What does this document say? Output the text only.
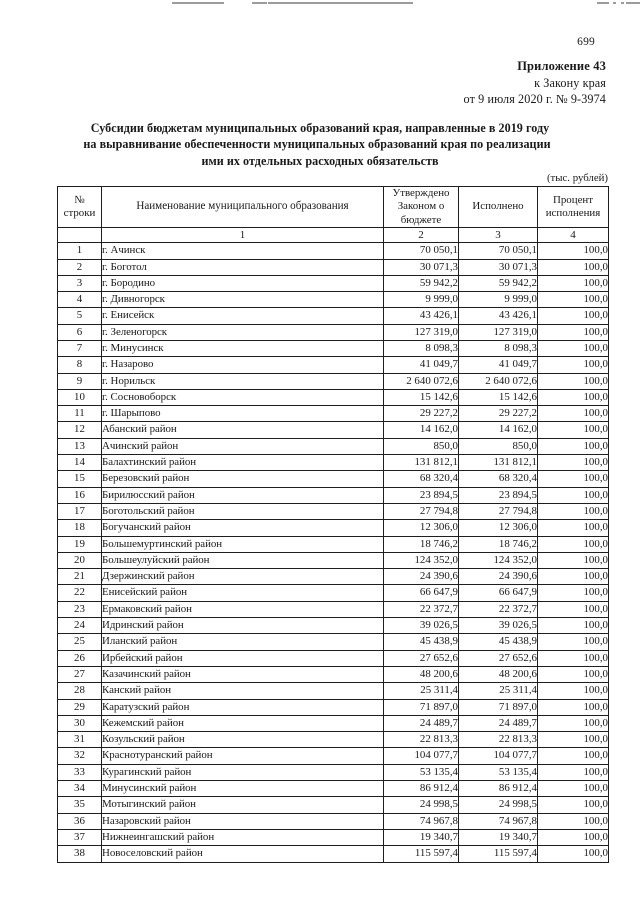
699
Приложение 43
к Закону края
от 9 июля 2020 г. № 9-3974
Субсидии бюджетам муниципальных образований края, направленные в 2019 году
на выравнивание обеспеченности муниципальных образований края по реализации
ими их отдельных расходных обязательств
(тыс. рублей)
№
строки	Наименование муниципального образования	Утверждено
Законом о
бюджете	Исполнено	Процент
исполнения
	1	2	3	4
1	г. Ачинск	70 050,1	70 050,1	100,0
2	г. Боготол	30 071,3	30 071,3	100,0
3	г. Бородино	59 942,2	59 942,2	100,0
4	г. Дивногорск	9 999,0	9 999,0	100,0
5	г. Енисейск	43 426,1	43 426,1	100,0
6	г. Зеленогорск	127 319,0	127 319,0	100,0
7	г. Минусинск	8 098,3	8 098,3	100,0
8	г. Назарово	41 049,7	41 049,7	100,0
9	г. Норильск	2 640 072,6	2 640 072,6	100,0
10	г. Сосновоборск	15 142,6	15 142,6	100,0
11	г. Шарыпово	29 227,2	29 227,2	100,0
12	Абанский район	14 162,0	14 162,0	100,0
13	Ачинский район	850,0	850,0	100,0
14	Балахтинский район	131 812,1	131 812,1	100,0
15	Березовский район	68 320,4	68 320,4	100,0
16	Бирилюсский район	23 894,5	23 894,5	100,0
17	Боготольский район	27 794,8	27 794,8	100,0
18	Богучанский район	12 306,0	12 306,0	100,0
19	Большемуртинский район	18 746,2	18 746,2	100,0
20	Большеулуйский район	124 352,0	124 352,0	100,0
21	Дзержинский район	24 390,6	24 390,6	100,0
22	Енисейский район	66 647,9	66 647,9	100,0
23	Ермаковский район	22 372,7	22 372,7	100,0
24	Идринский район	39 026,5	39 026,5	100,0
25	Иланский район	45 438,9	45 438,9	100,0
26	Ирбейский район	27 652,6	27 652,6	100,0
27	Казачинский район	48 200,6	48 200,6	100,0
28	Канский район	25 311,4	25 311,4	100,0
29	Каратузский район	71 897,0	71 897,0	100,0
30	Кежемский район	24 489,7	24 489,7	100,0
31	Козульский район	22 813,3	22 813,3	100,0
32	Краснотуранский район	104 077,7	104 077,7	100,0
33	Курагинский район	53 135,4	53 135,4	100,0
34	Минусинский район	86 912,4	86 912,4	100,0
35	Мотыгинский район	24 998,5	24 998,5	100,0
36	Назаровский район	74 967,8	74 967,8	100,0
37	Нижнеингашский район	19 340,7	19 340,7	100,0
38	Новоселовский район	115 597,4	115 597,4	100,0
